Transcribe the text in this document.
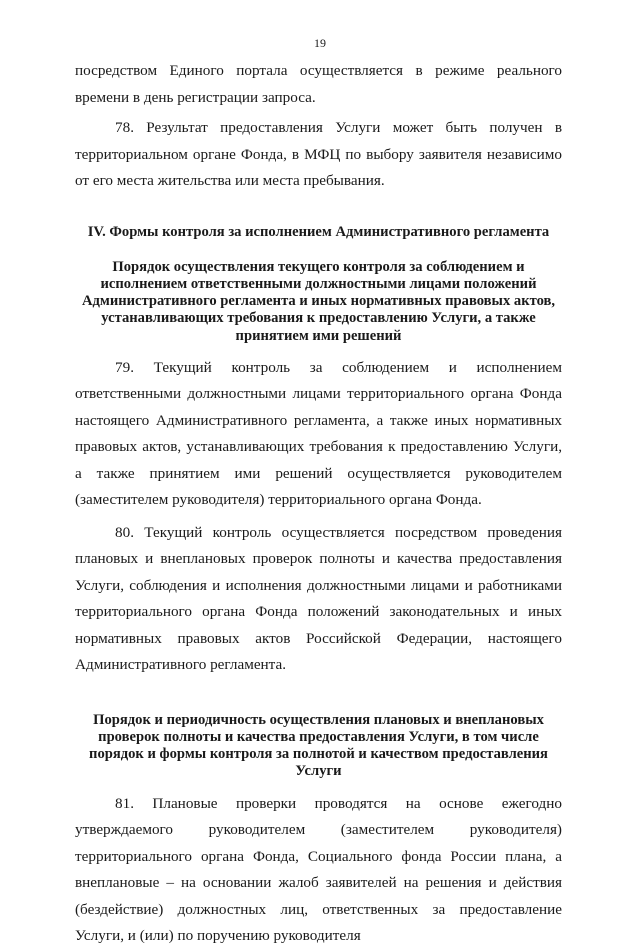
19

посредством Единого портала осуществляется в режиме реального времени в день регистрации запроса.

78. Результат предоставления Услуги может быть получен в территориальном органе Фонда, в МФЦ по выбору заявителя независимо от его места жительства или места пребывания.

IV. Формы контроля за исполнением Административного регламента

Порядок осуществления текущего контроля за соблюдением и исполнением ответственными должностными лицами положений Административного регламента и иных нормативных правовых актов, устанавливающих требования к предоставлению Услуги, а также принятием ими решений

79. Текущий контроль за соблюдением и исполнением ответственными должностными лицами территориального органа Фонда настоящего Административного регламента, а также иных нормативных правовых актов, устанавливающих требования к предоставлению Услуги, а также принятием ими решений осуществляется руководителем (заместителем руководителя) территориального органа Фонда.

80. Текущий контроль осуществляется посредством проведения плановых и внеплановых проверок полноты и качества предоставления Услуги, соблюдения и исполнения должностными лицами и работниками территориального органа Фонда положений законодательных и иных нормативных правовых актов Российской Федерации, настоящего Административного регламента.

Порядок и периодичность осуществления плановых и внеплановых проверок полноты и качества предоставления Услуги, в том числе порядок и формы контроля за полнотой и качеством предоставления Услуги

81. Плановые проверки проводятся на основе ежегодно утверждаемого руководителем (заместителем руководителя) территориального органа Фонда, Социального фонда России плана, а внеплановые – на основании жалоб заявителей на решения и действия (бездействие) должностных лиц, ответственных за предоставление Услуги, и (или) по поручению руководителя
